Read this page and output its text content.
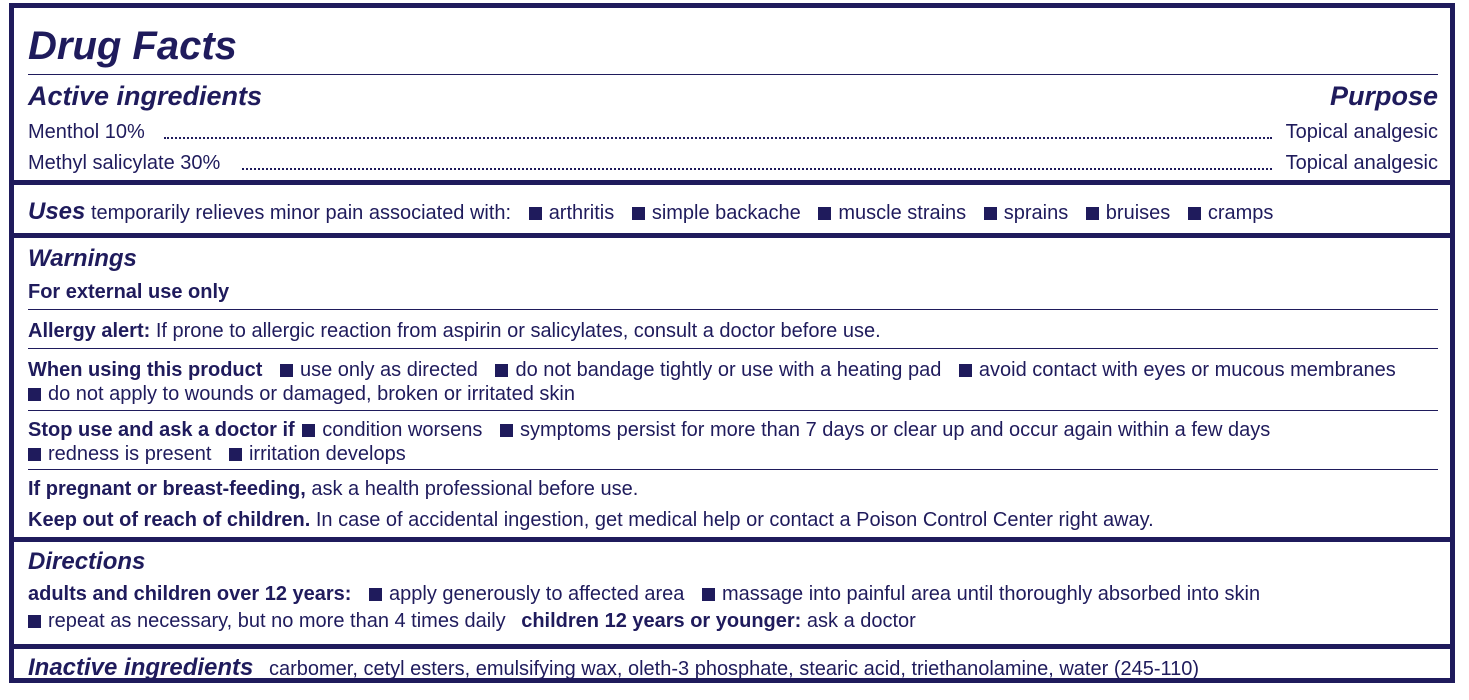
Drug Facts
Active ingredients	Purpose
Menthol 10%	Topical analgesic
Methyl salicylate 30%	Topical analgesic
Uses temporarily relieves minor pain associated with: arthritis simple backache muscle strains sprains bruises cramps
Warnings
For external use only
Allergy alert: If prone to allergic reaction from aspirin or salicylates, consult a doctor before use.
When using this product use only as directed do not bandage tightly or use with a heating pad avoid contact with eyes or mucous membranes
do not apply to wounds or damaged, broken or irritated skin
Stop use and ask a doctor if condition worsens symptoms persist for more than 7 days or clear up and occur again within a few days
redness is present irritation develops
If pregnant or breast-feeding, ask a health professional before use.
Keep out of reach of children. In case of accidental ingestion, get medical help or contact a Poison Control Center right away.
Directions
adults and children over 12 years: apply generously to affected area massage into painful area until thoroughly absorbed into skin
repeat as necessary, but no more than 4 times daily children 12 years or younger: ask a doctor
Inactive ingredients carbomer, cetyl esters, emulsifying wax, oleth-3 phosphate, stearic acid, triethanolamine, water (245-110)
